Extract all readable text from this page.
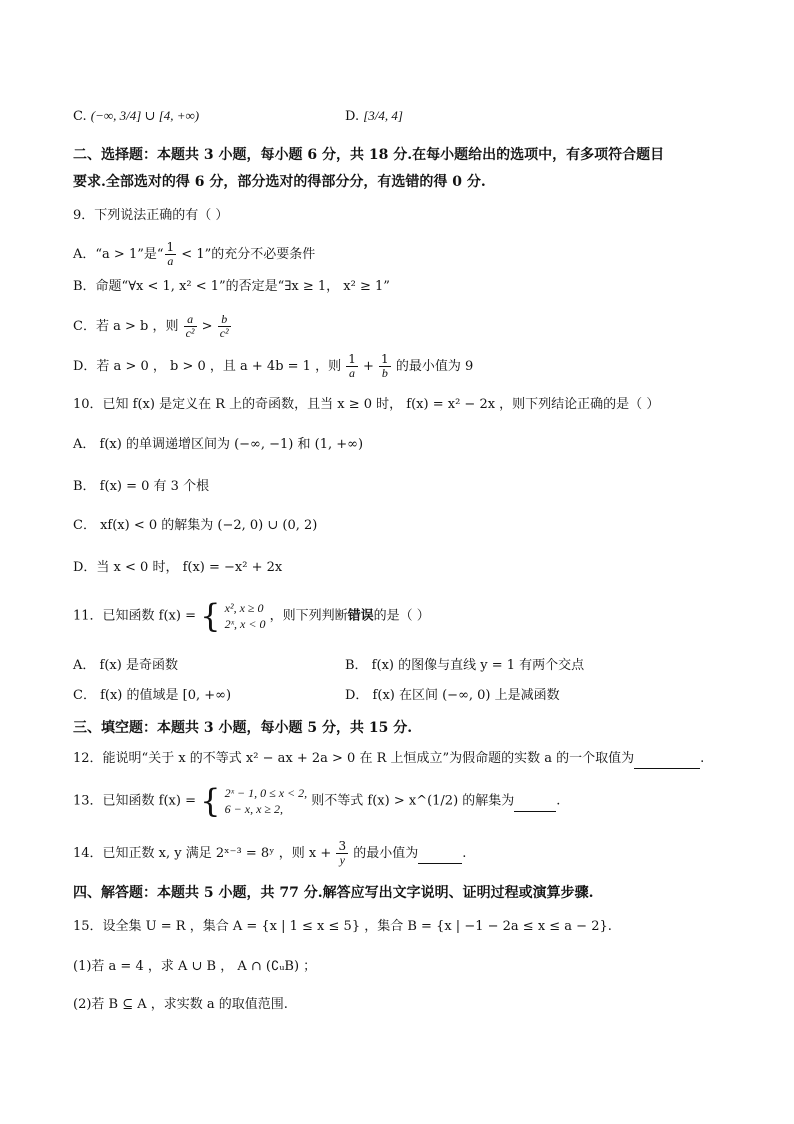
C. (−∞, 3/4] ∪ [4, +∞)	D. [3/4, 4]
二、选择题：本题共 3 小题，每小题 6 分，共 18 分.在每小题给出的选项中，有多项符合题目
要求.全部选对的得 6 分，部分选对的得部分分，有选错的得 0 分.
9．下列说法正确的有（ ）
A．“a > 1”是“ $\frac{1}{a} < 1$”的充分不必要条件
B．命题“∀x < 1, x² < 1”的否定是“∃x ≥ 1， x² ≥ 1”
C．若 a > b ，则 $\frac{a}{\text{c²}} > \frac{b}{\text{c²}}$
D．若 a > 0 ， b > 0 ，且 a + 4b = 1 ，则 $\frac{1}{a} + \frac{1}{b}$ 的最小值为 9
10．已知 f(x) 是定义在 R 上的奇函数，且当 x ≥ 0 时， f(x) = x² − 2x ，则下列结论正确的是（ ）
A． f(x) 的单调递增区间为 (−∞, −1) 和 (1, +∞)
B． f(x) = 0 有 3 个根
C． xf(x) < 0 的解集为 (−2, 0) ∪ (0, 2)
D．当 x < 0 时， f(x) = −x² + 2x
11．已知函数 f(x) = { x², x ≥ 0
2ˣ, x < 0
，则下列判断错误的是（ ）
A． f(x) 是奇函数	B． f(x) 的图像与直线 y = 1 有两个交点
C． f(x) 的值域是 [0, +∞)	D． f(x) 在区间 (−∞, 0) 上是减函数
三、填空题：本题共 3 小题，每小题 5 分，共 15 分.
12．能说明“关于 x 的不等式 x² − ax + 2a > 0 在 R 上恒成立”为假命题的实数 a 的一个取值为	.
13．已知函数 f(x) = { 2ˣ − 1, 0 ≤ x < 2,
6 − x, x ≥ 2,
则不等式 f(x) > x^(1/2) 的解集为	.
14．已知正数 x, y 满足 2ˣ⁻³ = 8ʸ ，则 $x + \frac{3}{y}$ 的最小值为	.
四、解答题：本题共 5 小题，共 77 分.解答应写出文字说明、证明过程或演算步骤.
15．设全集 U = R ，集合 A = {x | 1 ≤ x ≤ 5} ，集合 B = {x | −1 − 2a ≤ x ≤ a − 2}.
(1)若 a = 4 ，求 A ∪ B ， A ∩ (∁ᵤB) ；
(2)若 B ⊆ A ，求实数 a 的取值范围.
